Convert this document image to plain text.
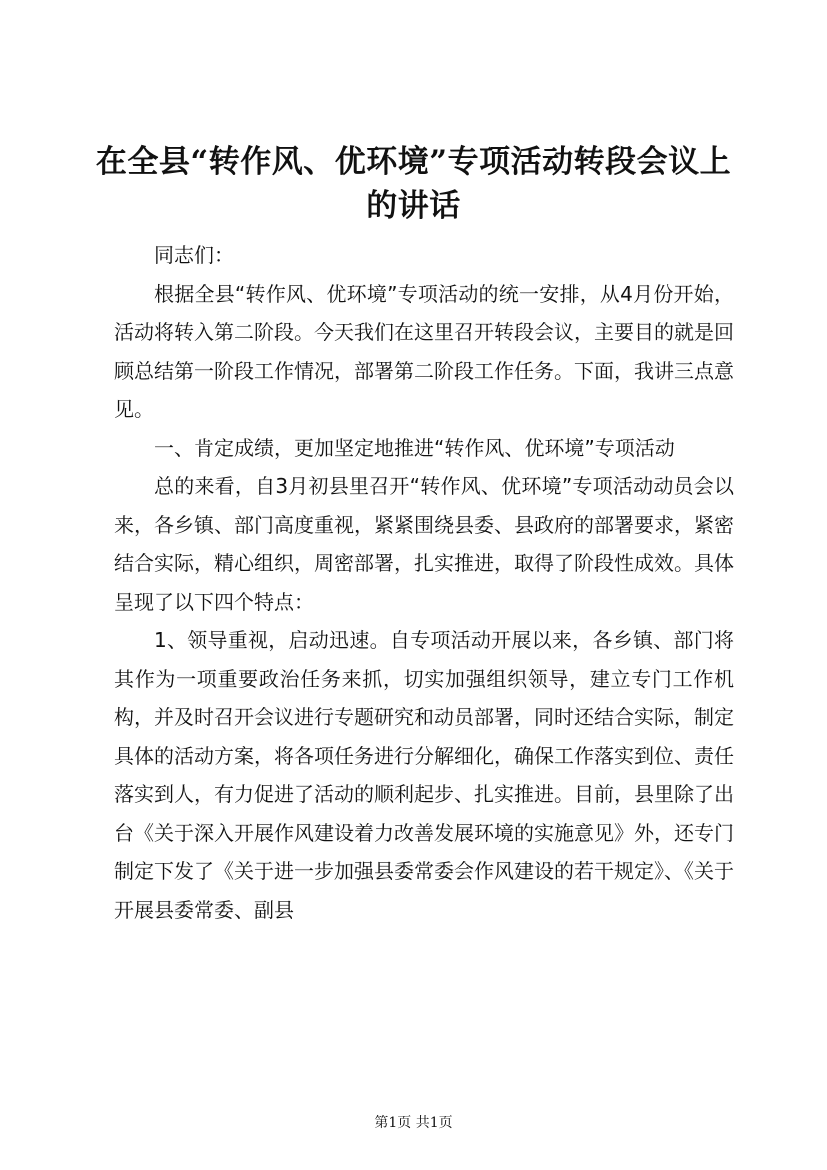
在全县“转作风、优环境”专项活动转段会议上的讲话

同志们：

根据全县“转作风、优环境”专项活动的统一安排，从4月份开始，活动将转入第二阶段。今天我们在这里召开转段会议，主要目的就是回顾总结第一阶段工作情况，部署第二阶段工作任务。下面，我讲三点意见。

一、肯定成绩，更加坚定地推进“转作风、优环境”专项活动

总的来看，自3月初县里召开“转作风、优环境”专项活动动员会以来，各乡镇、部门高度重视，紧紧围绕县委、县政府的部署要求，紧密结合实际，精心组织，周密部署，扎实推进，取得了阶段性成效。具体呈现了以下四个特点：

1、领导重视，启动迅速。自专项活动开展以来，各乡镇、部门将其作为一项重要政治任务来抓，切实加强组织领导，建立专门工作机构，并及时召开会议进行专题研究和动员部署，同时还结合实际，制定具体的活动方案，将各项任务进行分解细化，确保工作落实到位、责任落实到人，有力促进了活动的顺利起步、扎实推进。目前，县里除了出台《关于深入开展作风建设着力改善发展环境的实施意见》外，还专门制定下发了《关于进一步加强县委常委会作风建设的若干规定》、《关于开展县委常委、副县

第1页 共1页
